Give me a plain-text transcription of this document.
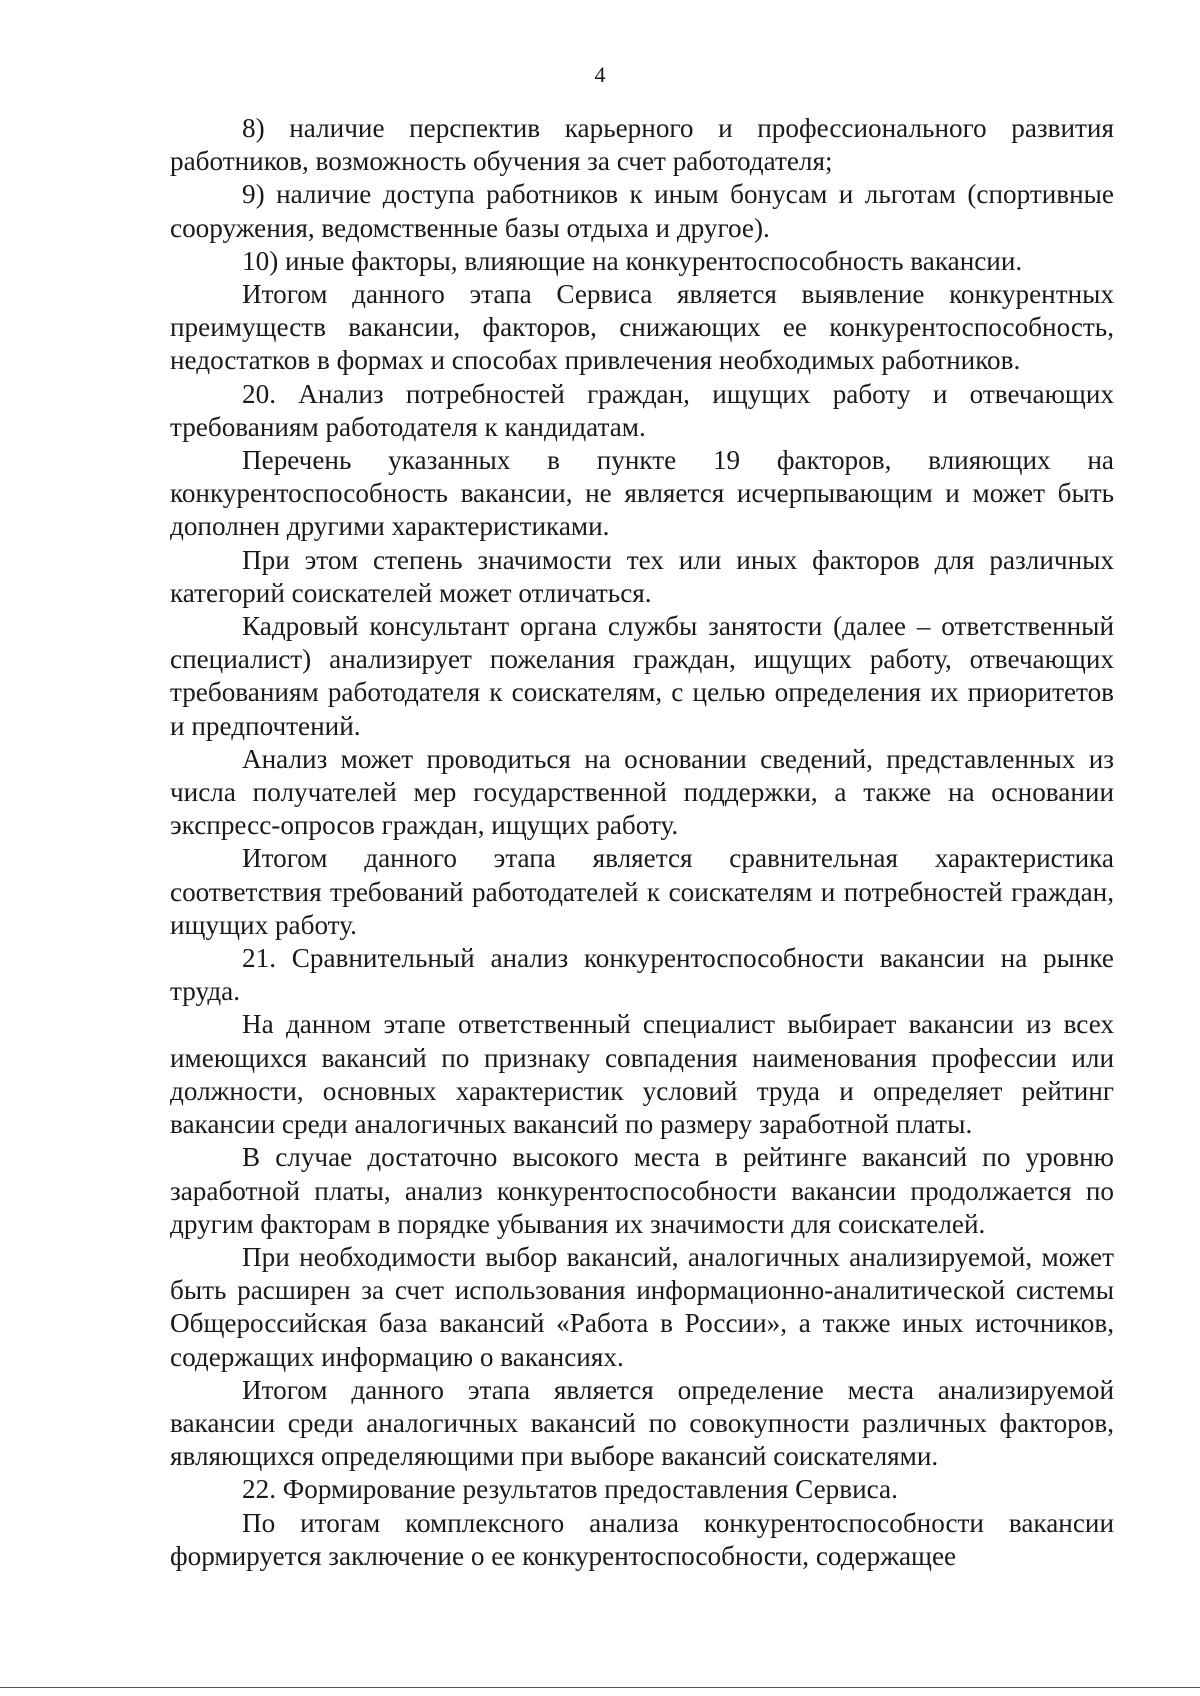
4

8) наличие перспектив карьерного и профессионального развития работников, возможность обучения за счет работодателя;

9) наличие доступа работников к иным бонусам и льготам (спортивные сооружения, ведомственные базы отдыха и другое).

10) иные факторы, влияющие на конкурентоспособность вакансии.

Итогом данного этапа Сервиса является выявление конкурентных преимуществ вакансии, факторов, снижающих ее конкурентоспособность, недостатков в формах и способах привлечения необходимых работников.

20. Анализ потребностей граждан, ищущих работу и отвечающих требованиям работодателя к кандидатам.

Перечень указанных в пункте 19 факторов, влияющих на конкурентоспособность вакансии, не является исчерпывающим и может быть дополнен другими характеристиками.

При этом степень значимости тех или иных факторов для различных категорий соискателей может отличаться.

Кадровый консультант органа службы занятости (далее – ответственный специалист) анализирует пожелания граждан, ищущих работу, отвечающих требованиям работодателя к соискателям, с целью определения их приоритетов и предпочтений.

Анализ может проводиться на основании сведений, представленных из числа получателей мер государственной поддержки, а также на основании экспресс-опросов граждан, ищущих работу.

Итогом данного этапа является сравнительная характеристика соответствия требований работодателей к соискателям и потребностей граждан, ищущих работу.

21. Сравнительный анализ конкурентоспособности вакансии на рынке труда.

На данном этапе ответственный специалист выбирает вакансии из всех имеющихся вакансий по признаку совпадения наименования профессии или должности, основных характеристик условий труда и определяет рейтинг вакансии среди аналогичных вакансий по размеру заработной платы.

В случае достаточно высокого места в рейтинге вакансий по уровню заработной платы, анализ конкурентоспособности вакансии продолжается по другим факторам в порядке убывания их значимости для соискателей.

При необходимости выбор вакансий, аналогичных анализируемой, может быть расширен за счет использования информационно-аналитической системы Общероссийская база вакансий «Работа в России», а также иных источников, содержащих информацию о вакансиях.

Итогом данного этапа является определение места анализируемой вакансии среди аналогичных вакансий по совокупности различных факторов, являющихся определяющими при выборе вакансий соискателями.

22. Формирование результатов предоставления Сервиса.

По итогам комплексного анализа конкурентоспособности вакансии формируется заключение о ее конкурентоспособности, содержащее
